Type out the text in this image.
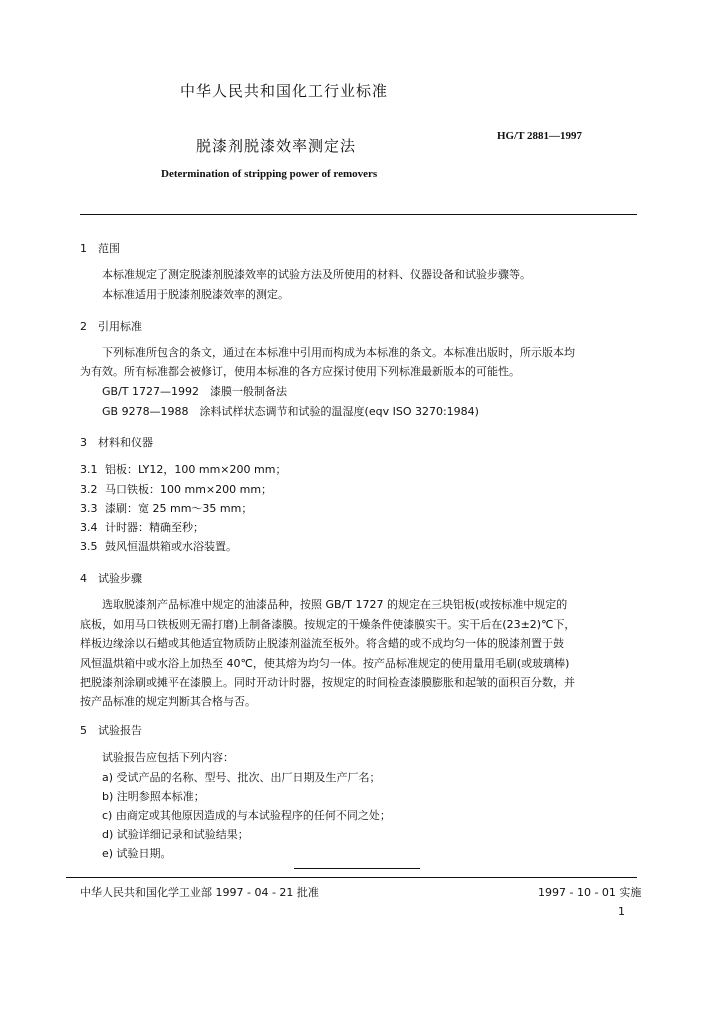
中华人民共和国化工行业标准
脱漆剂脱漆效率测定法
HG/T 2881—1997
Determination of stripping power of removers
1　范围
本标准规定了测定脱漆剂脱漆效率的试验方法及所使用的材料、仪器设备和试验步骤等。
本标准适用于脱漆剂脱漆效率的测定。
2　引用标准
下列标准所包含的条文，通过在本标准中引用而构成为本标准的条文。本标准出版时，所示版本均
为有效。所有标准都会被修订，使用本标准的各方应探讨使用下列标准最新版本的可能性。
GB/T 1727—1992　漆膜一般制备法
GB 9278—1988　涂料试样状态调节和试验的温湿度(eqv ISO 3270:1984)
3　材料和仪器
3.1 铝板：LY12，100 mm×200 mm；
3.2 马口铁板：100 mm×200 mm；
3.3 漆刷：宽 25 mm～35 mm；
3.4 计时器：精确至秒；
3.5 鼓风恒温烘箱或水浴装置。
4　试验步骤
选取脱漆剂产品标准中规定的油漆品种，按照 GB/T 1727 的规定在三块铝板(或按标准中规定的
底板，如用马口铁板则无需打磨)上制备漆膜。按规定的干燥条件使漆膜实干。实干后在(23±2)℃下，
样板边缘涂以石蜡或其他适宜物质防止脱漆剂溢流至板外。将含蜡的或不成均匀一体的脱漆剂置于鼓
风恒温烘箱中或水浴上加热至 40℃，使其熔为均匀一体。按产品标准规定的使用量用毛刷(或玻璃棒)
把脱漆剂涂刷或摊平在漆膜上。同时开动计时器，按规定的时间检查漆膜膨胀和起皱的面积百分数，并
按产品标准的规定判断其合格与否。
5　试验报告
试验报告应包括下列内容：
a) 受试产品的名称、型号、批次、出厂日期及生产厂名；
b) 注明参照本标准；
c) 由商定或其他原因造成的与本试验程序的任何不同之处；
d) 试验详细记录和试验结果；
e) 试验日期。
中华人民共和国化学工业部 1997 - 04 - 21 批准	1997 - 10 - 01 实施
1
